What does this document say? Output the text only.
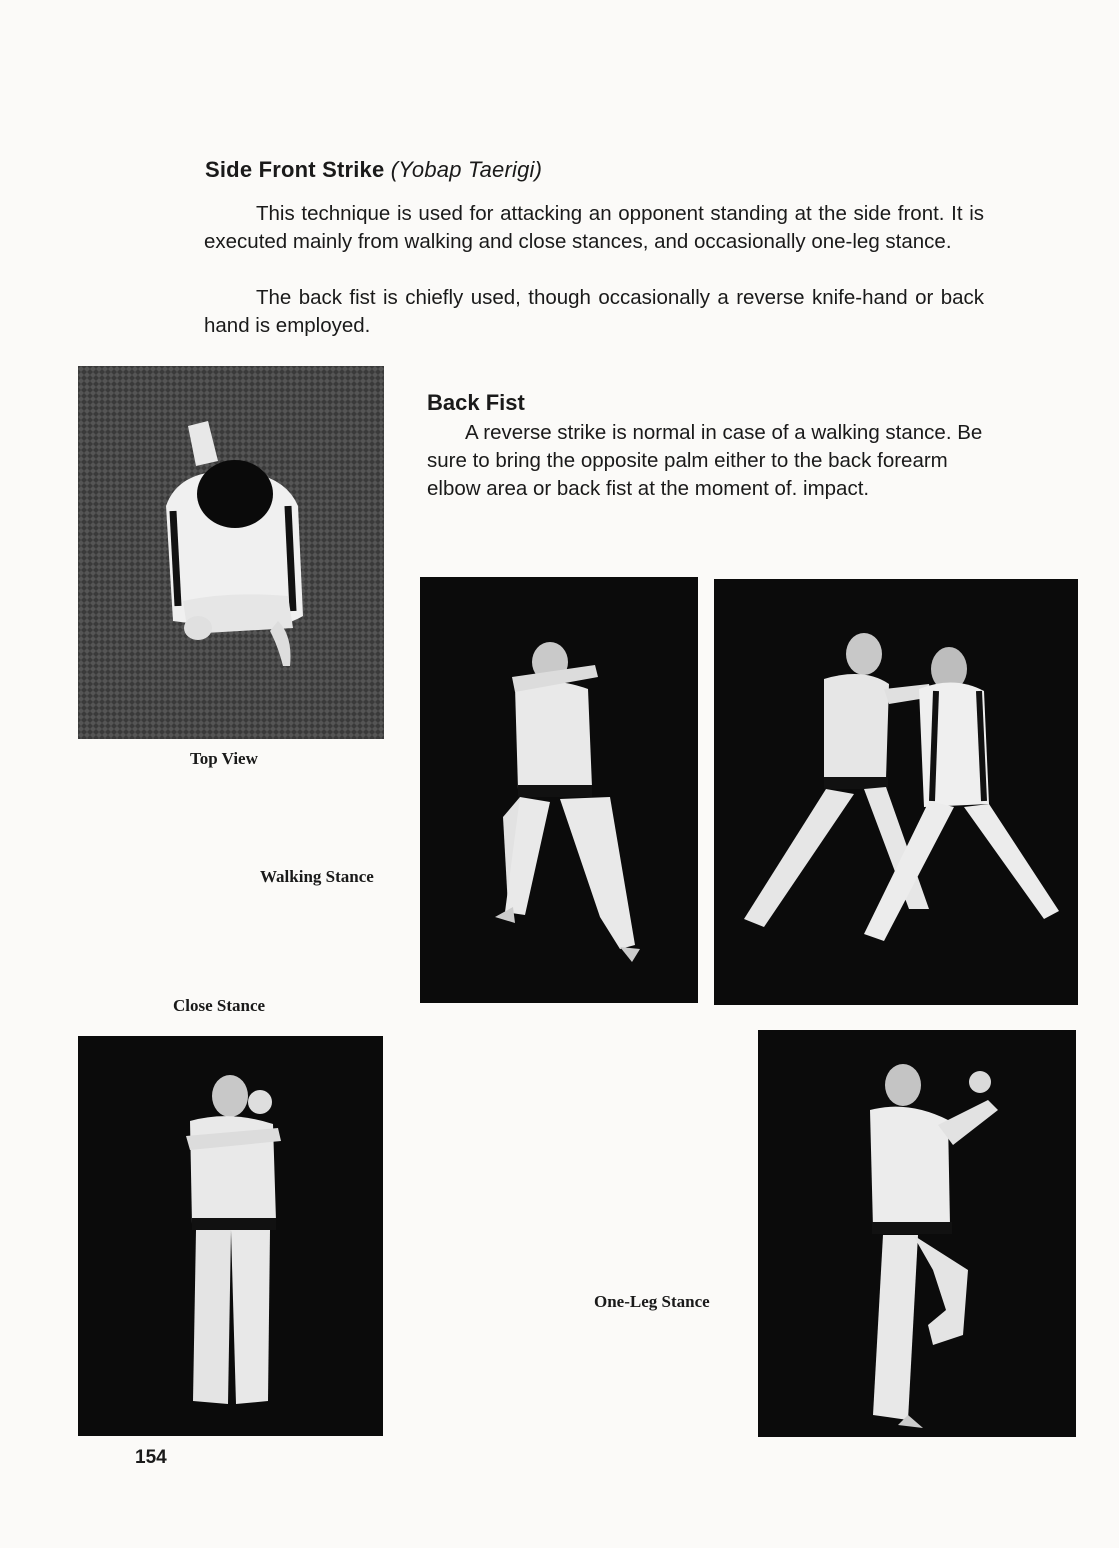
Side Front Strike (Yobap Taerigi)

This technique is used for attacking an opponent standing at the side front. It is executed mainly from walking and close stances, and occasionally one-leg stance.

The back fist is chiefly used, though occasionally a reverse knife-hand or back hand is employed.

Top View

Back Fist

A reverse strike is normal in case of a walking stance. Be sure to bring the opposite palm either to the back forearm elbow area or back fist at the moment of. impact.

Walking Stance

Close Stance

One-Leg Stance

154
